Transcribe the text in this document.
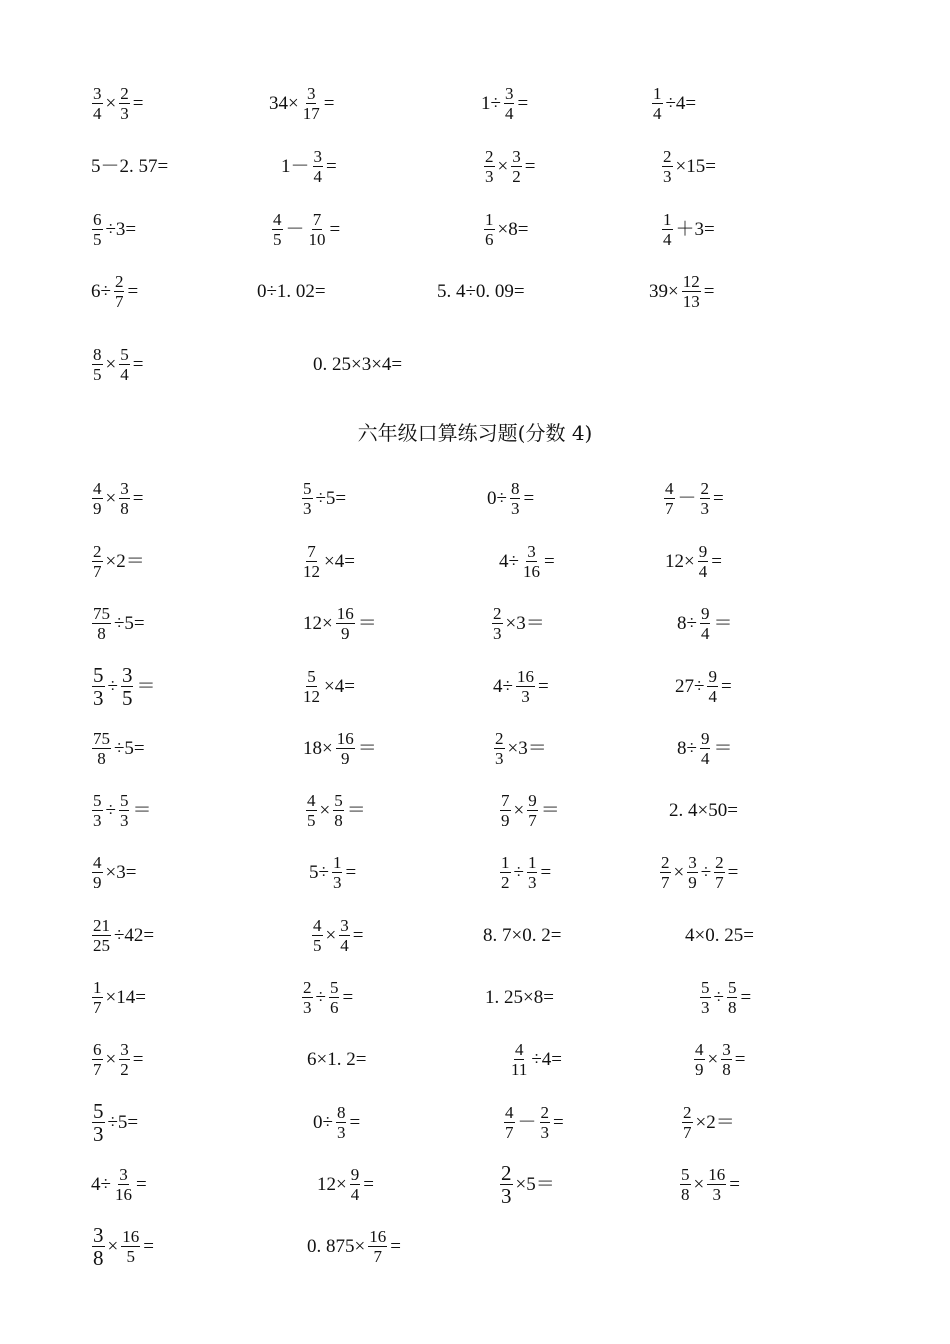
六年级口算练习题(分数 4)
$\frac{3}{4} \times \frac{2}{3}$ =	$34\times \frac{3}{17}$ =	$1\div \frac{3}{4}$ =	$\frac{1}{4} \div 4=$
5－2. 57=	$1- \frac{3}{4}$ =	$\frac{2}{3} \times \frac{3}{2}$ =	$\frac{2}{3} \times 15=$
$\frac{6}{5} \div 3=$	$\frac{4}{5} - \frac{7}{10}$ =	$\frac{1}{6} \times 8=$	$\frac{1}{4} +3=$
$6\div \frac{2}{7}$ =	0÷1. 02=	5. 4÷0. 09=	$39\times \frac{12}{13}$ =
$\frac{8}{5} \times \frac{5}{4}$ =	0. 25×3×4=
$\frac{4}{9} \times \frac{3}{8}$ =	$\frac{5}{3} \div 5=$	$0\div \frac{8}{3}$ =	$\frac{4}{7} - \frac{2}{3}$ =
$\frac{2}{7} \times 2=$	$\frac{7}{12} \times 4=$	$4\div \frac{3}{16}$ =	$12\times \frac{9}{4}$ =
$\frac{75}{8} \div 5=$	$12\times \frac{16}{9}$ ＝	$\frac{2}{3} \times 3=$	$8\div \frac{9}{4}$ ＝
$\frac{5}{3} \div \frac{3}{5}$ ＝	$\frac{5}{12} \times 4=$	$4\div \frac{16}{3}$ =	$27\div \frac{9}{4}$ =
$\frac{75}{8} \div 5=$	$18\times \frac{16}{9}$ ＝	$\frac{2}{3} \times 3=$	$8\div \frac{9}{4}$ ＝
$\frac{5}{3} \div \frac{5}{3}$ ＝	$\frac{4}{5} \times \frac{5}{8}$ ＝	$\frac{7}{9} \times \frac{9}{7}$ ＝	2. 4×50=
$\frac{4}{9} \times 3=$	$5\div \frac{1}{3}$ =	$\frac{1}{2} \div \frac{1}{3}$ =	$\frac{2}{7} \times \frac{3}{9} \div \frac{2}{7}$ =
$\frac{21}{25} \div 42=$	$\frac{4}{5} \times \frac{3}{4}$ =	8. 7×0. 2=	4×0. 25=
$\frac{1}{7} \times 14=$	$\frac{2}{3} \div \frac{5}{6}$ =	1. 25×8=	$\frac{5}{3} \div \frac{5}{8}$ =
$\frac{6}{7} \times \frac{3}{2}$ =	6×1. 2=	$\frac{4}{11} \div 4=$	$\frac{4}{9} \times \frac{3}{8}$ =
$\frac{5}{3} \div 5=$	$0\div \frac{8}{3}$ =	$\frac{4}{7} - \frac{2}{3}$ =	$\frac{2}{7} \times 2=$
$4\div \frac{3}{16}$ =	$12\times \frac{9}{4}$ =	$\frac{2}{3} \times 5=$	$\frac{5}{8} \times \frac{16}{3}$ =
$\frac{3}{8} \times \frac{16}{5}$ =	0. $875\times \frac{16}{7}$ =
